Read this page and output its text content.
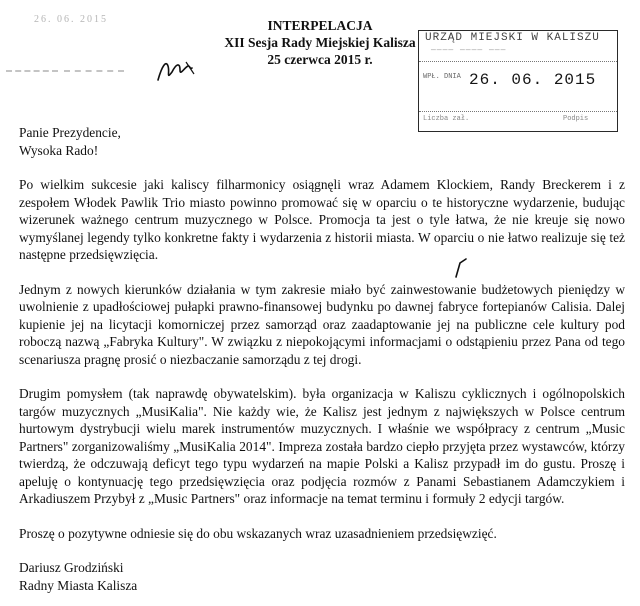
26. 06. 2015	INTERPELACJA
XII Sesja Rady Miejskiej Kalisza
25 czerwca 2015 r.
URZĄD MIEJSKI W KALISZU
———— ———— ———
WPŁ. DNIA 26. 06. 2015
Liczba zał.	Podpis

Panie Prezydencie,

Wysoka Rado!

Po wielkim sukcesie jaki kaliscy filharmonicy osiągnęli wraz Adamem Klockiem, Randy Breckerem i z zespołem Włodek Pawlik Trio miasto powinno promować się w oparciu o te historyczne wydarzenie, budując wizerunek ważnego centrum muzycznego w Polsce. Promocja ta jest o tyle łatwa, że nie kreuje się nowo wymyślanej legendy tylko konkretne fakty i wydarzenia z historii miasta. W oparciu o nie łatwo realizuje się też następne przedsięwzięcia.

Jednym z nowych kierunków działania w tym zakresie miało być zainwestowanie budżetowych pieniędzy w uwolnienie z upadłościowej pułapki prawno-finansowej budynku po dawnej fabryce fortepianów Calisia. Dalej kupienie jej na licytacji komorniczej przez samorząd oraz zaadaptowanie jej na publiczne cele kultury pod roboczą nazwą „Fabryka Kultury". W związku z niepokojącymi informacjami o odstąpieniu przez Pana od tego scenariusza pragnę prosić o niezbaczanie samorządu z tej drogi.

Drugim pomysłem (tak naprawdę obywatelskim). była organizacja w Kaliszu cyklicznych i ogólnopolskich targów muzycznych „MusiKalia". Nie każdy wie, że Kalisz jest jednym z największych w Polsce centrum hurtowym dystrybucji wielu marek instrumentów muzycznych. I właśnie we współpracy z centrum „Music Partners" zorganizowaliśmy „MusiKalia 2014". Impreza została bardzo ciepło przyjęta przez wystawców, którzy twierdzą, że odczuwają deficyt tego typu wydarzeń na mapie Polski a Kalisz przypadł im do gustu. Proszę i apeluję o kontynuację tego przedsięwzięcia oraz podjęcia rozmów z Panami Sebastianem Adamczykiem i Arkadiuszem Przybył z „Music Partners" oraz informacje na temat terminu i formuły 2 edycji targów.

Proszę o pozytywne odniesie się do obu wskazanych wraz uzasadnieniem przedsięwzięć.

Dariusz Grodziński

Radny Miasta Kalisza
